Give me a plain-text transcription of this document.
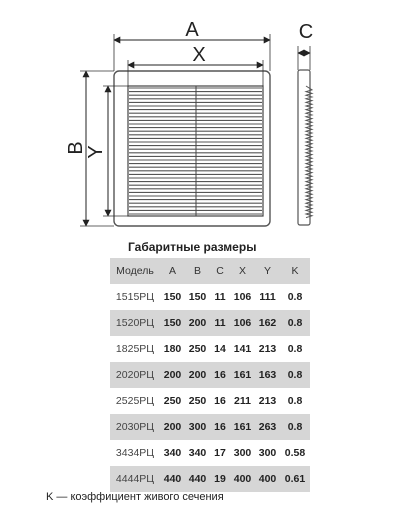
A
X
B
Y
C
Габаритные размеры
Модель	A	B	C	X	Y	K
1515РЦ	150	150	11	106	111	0.8
1520РЦ	150	200	11	106	162	0.8
1825РЦ	180	250	14	141	213	0.8
2020РЦ	200	200	16	161	163	0.8
2525РЦ	250	250	16	211	213	0.8
2030РЦ	200	300	16	161	263	0.8
3434РЦ	340	340	17	300	300	0.58
4444РЦ	440	440	19	400	400	0.61
K — коэффициент живого сечения
